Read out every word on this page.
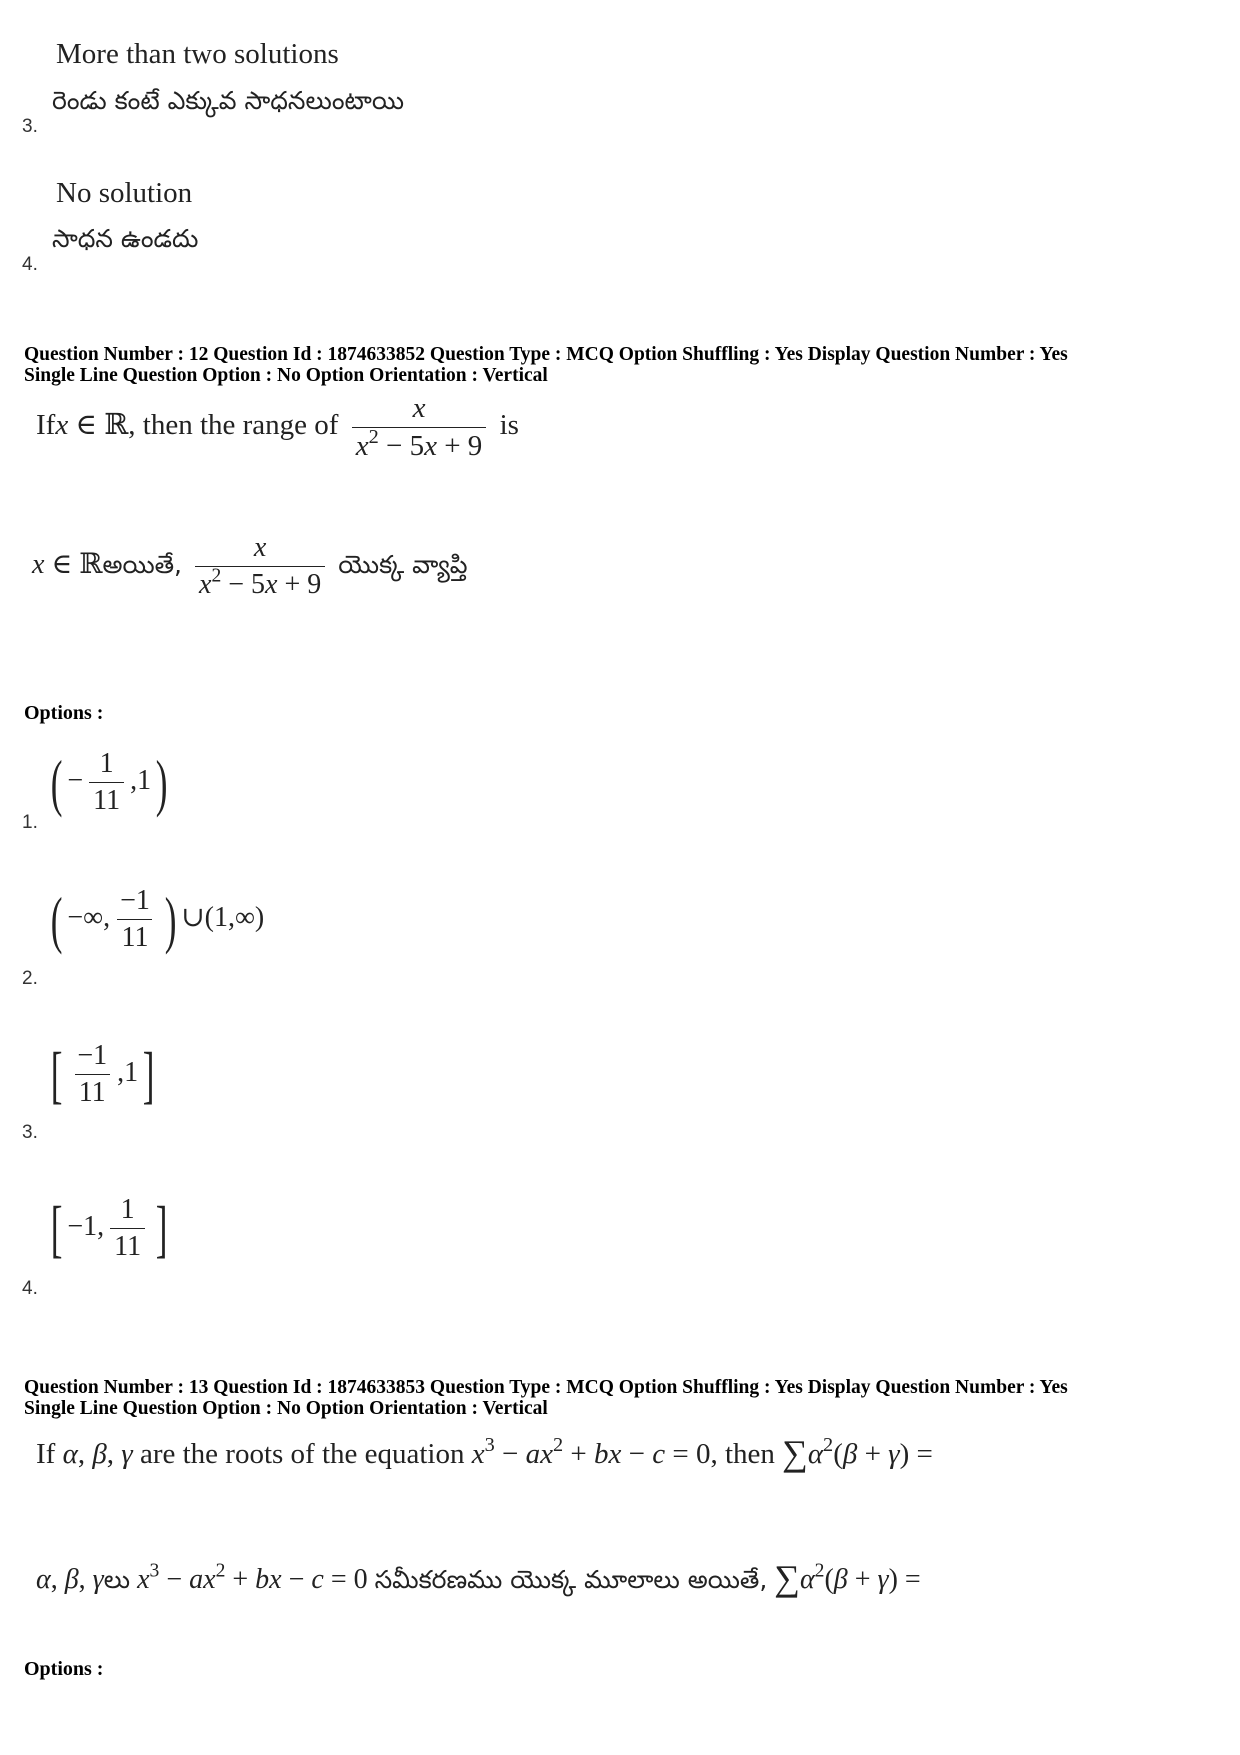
More than two solutions
రెండు కంటే ఎక్కువ సాధనలుంటాయి
3.
No solution
సాధన ఉండదు
4.
Question Number : 12 Question Id : 1874633852 Question Type : MCQ Option Shuffling : Yes Display Question Number : Yes
Single Line Question Option : No Option Orientation : Vertical
Ifx ∈ ℝ, then the range of $\frac{x}{x^2 - 5x + 9}$ is
x ∈ ℝఅయితే, $\frac{x}{x^2 - 5x + 9}$ యొక్క వ్యాప్తి
Options :
( − $\frac{1}{11} ,1$)
1.
( −∞, $\frac{-1}{11}$ ) ∪(1,∞)
2.
[ $\frac{-1}{11} ,1$]
3.
[ −1, $\frac{1}{11}$ ]
4.
Question Number : 13 Question Id : 1874633853 Question Type : MCQ Option Shuffling : Yes Display Question Number : Yes
Single Line Question Option : No Option Orientation : Vertical
If α, β, γ are the roots of the equation $x^3 - ax^2$ + bx − c = 0, then $\sum\alpha^2(\beta + \gamma)$ =
α, β, γలు $x^3 - ax^2$ + bx − c = 0 సమీకరణము యొక్క మూలాలు అయితే, $\sum\alpha^2(\beta + \gamma)$ =
Options :
